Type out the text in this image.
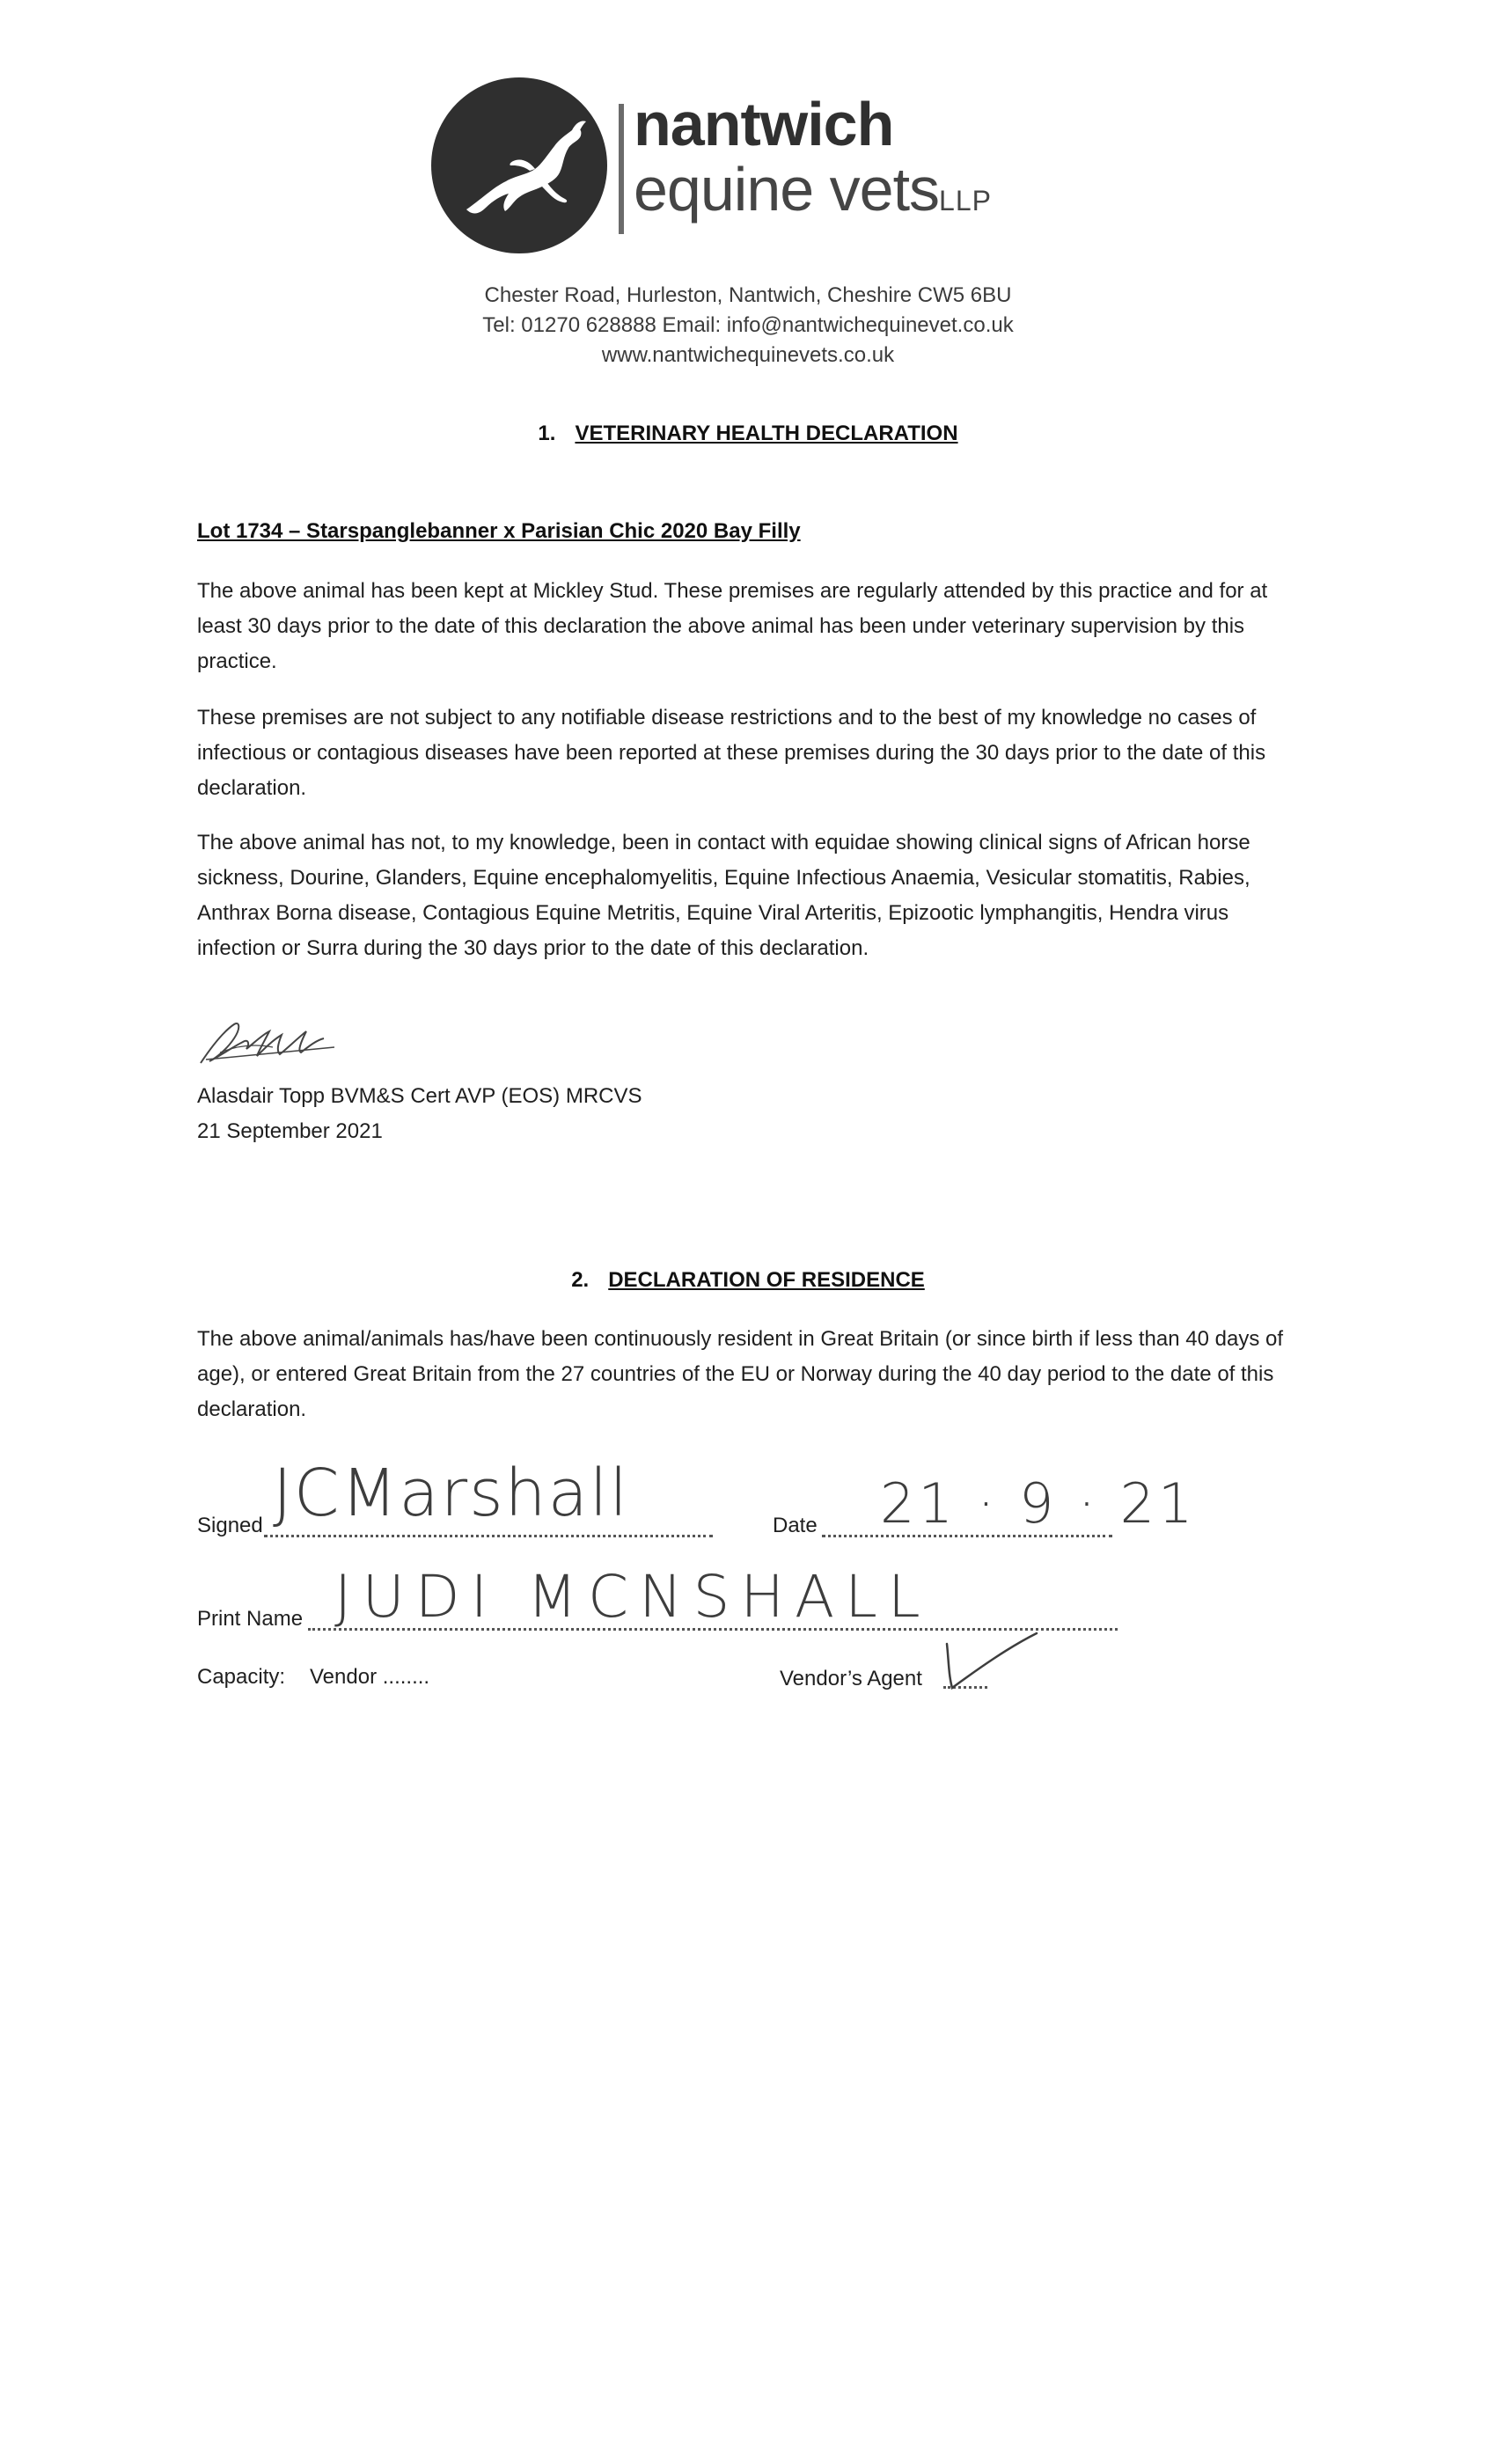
nantwich
equine vetsLLP
Chester Road, Hurleston, Nantwich, Cheshire CW5 6BU
Tel: 01270 628888 Email: info@nantwichequinevet.co.uk
www.nantwichequinevets.co.uk
1. VETERINARY HEALTH DECLARATION
Lot 1734 – Starspanglebanner x Parisian Chic 2020 Bay Filly
The above animal has been kept at Mickley Stud. These premises are regularly attended by this practice and for at least 30 days prior to the date of this declaration the above animal has been under veterinary supervision by this practice.
These premises are not subject to any notifiable disease restrictions and to the best of my knowledge no cases of infectious or contagious diseases have been reported at these premises during the 30 days prior to the date of this declaration.
The above animal has not, to my knowledge, been in contact with equidae showing clinical signs of African horse sickness, Dourine, Glanders, Equine encephalomyelitis, Equine Infectious Anaemia, Vesicular stomatitis, Rabies, Anthrax Borna disease, Contagious Equine Metritis, Equine Viral Arteritis, Epizootic lymphangitis, Hendra virus infection or Surra during the 30 days prior to the date of this declaration.
Alasdair Topp BVM&S Cert AVP (EOS) MRCVS
21 September 2021
2. DECLARATION OF RESIDENCE
The above animal/animals has/have been continuously resident in Great Britain (or since birth if less than 40 days of age), or entered Great Britain from the 27 countries of the EU or Norway during the 40 day period to the date of this declaration.
Signed JCMarshall	Date 21 · 9 · 21
Print Name JUDI MCNSHALL
Capacity: Vendor ........	Vendor’s Agent
